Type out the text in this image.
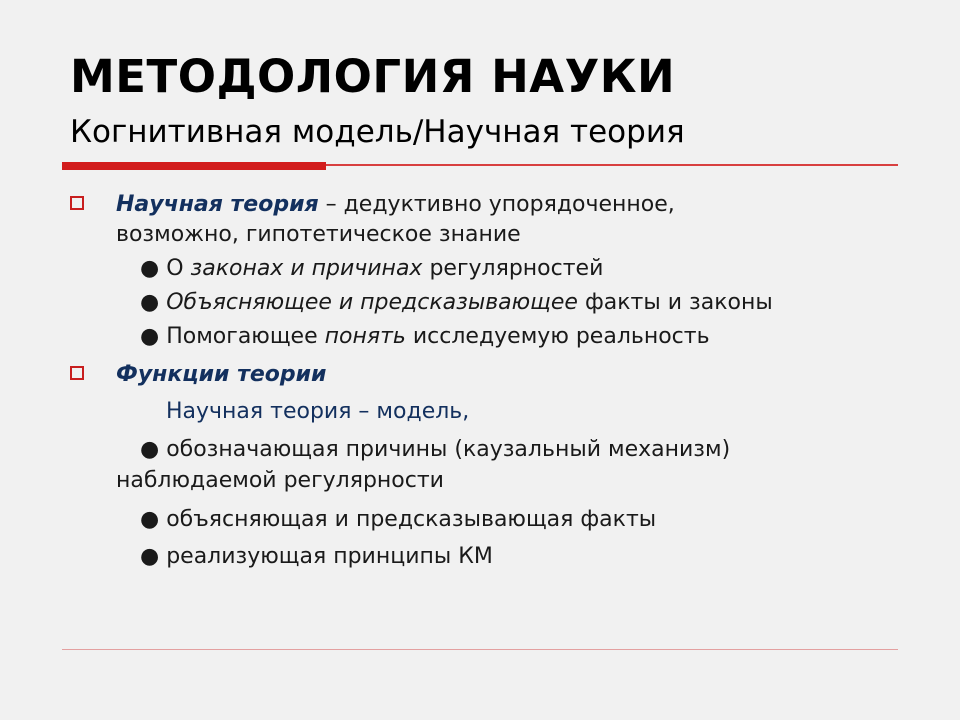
МЕТОДОЛОГИЯ НАУКИ
Когнитивная модель/Научная теория
Научная теория – дедуктивно упорядоченное,
возможно, гипотетическое знание
● О законах и причинах регулярностей
● Объясняющее и предсказывающее факты и законы
● Помогающее понять исследуемую реальность
Функции теории
Научная теория – модель,
● обозначающая причины (каузальный механизм)
наблюдаемой регулярности
● объясняющая и предсказывающая факты
● реализующая принципы КМ
